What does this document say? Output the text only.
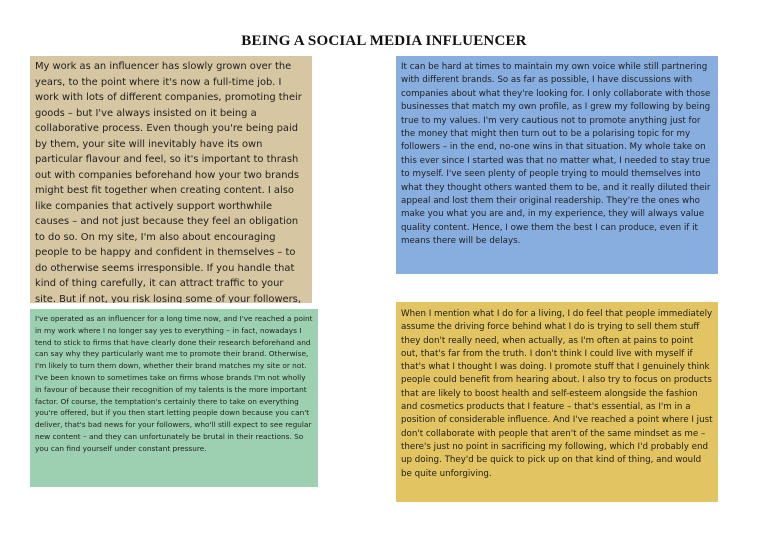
BEING A SOCIAL MEDIA INFLUENCER

My work as an influencer has slowly grown over the years, to the point where it's now a full-time job. I work with lots of different companies, promoting their goods – but I've always insisted on it being a collaborative process. Even though you're being paid by them, your site will inevitably have its own particular flavour and feel, so it's important to thrash out with companies beforehand how your two brands might best fit together when creating content. I also like companies that actively support worthwhile causes – and not just because they feel an obligation to do so. On my site, I'm also about encouraging people to be happy and confident in themselves – to do otherwise seems irresponsible. If you handle that kind of thing carefully, it can attract traffic to your site. But if not, you risk losing some of your followers,

It can be hard at times to maintain my own voice while still partnering with different brands. So as far as possible, I have discussions with companies about what they're looking for. I only collaborate with those businesses that match my own profile, as I grew my following by being true to my values. I'm very cautious not to promote anything just for the money that might then turn out to be a polarising topic for my followers – in the end, no-one wins in that situation. My whole take on this ever since I started was that no matter what, I needed to stay true to myself. I've seen plenty of people trying to mould themselves into what they thought others wanted them to be, and it really diluted their appeal and lost them their original readership. They're the ones who make you what you are and, in my experience, they will always value quality content. Hence, I owe them the best I can produce, even if it means there will be delays.

I've operated as an influencer for a long time now, and I've reached a point in my work where I no longer say yes to everything – in fact, nowadays I tend to stick to firms that have clearly done their research beforehand and can say why they particularly want me to promote their brand. Otherwise, I'm likely to turn them down, whether their brand matches my site or not. I've been known to sometimes take on firms whose brands I'm not wholly in favour of because their recognition of my talents is the more important factor. Of course, the temptation's certainly there to take on everything you're offered, but if you then start letting people down because you can't deliver, that's bad news for your followers, who'll still expect to see regular new content – and they can unfortunately be brutal in their reactions. So you can find yourself under constant pressure.

When I mention what I do for a living, I do feel that people immediately assume the driving force behind what I do is trying to sell them stuff they don't really need, when actually, as I'm often at pains to point out, that's far from the truth. I don't think I could live with myself if that's what I thought I was doing. I promote stuff that I genuinely think people could benefit from hearing about. I also try to focus on products that are likely to boost health and self-esteem alongside the fashion and cosmetics products that I feature – that's essential, as I'm in a position of considerable influence. And I've reached a point where I just don't collaborate with people that aren't of the same mindset as me – there's just no point in sacrificing my following, which I'd probably end up doing. They'd be quick to pick up on that kind of thing, and would be quite unforgiving.
